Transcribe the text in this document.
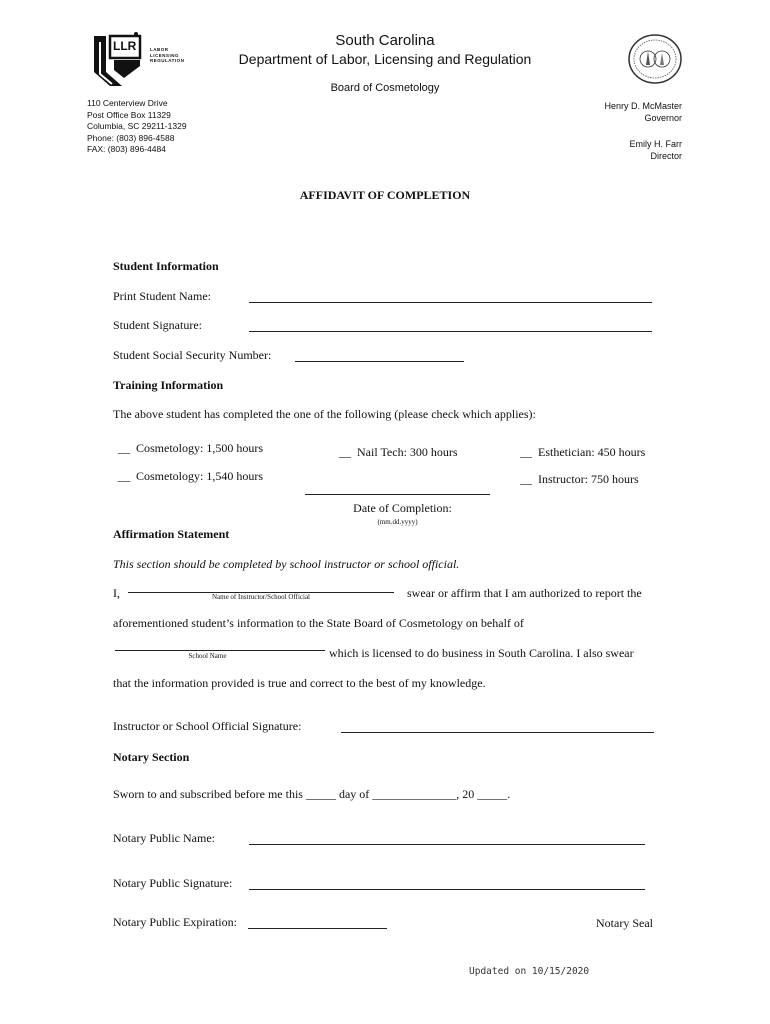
LLR	LABOR
LICENSING
REGULATION
South Carolina
Department of Labor, Licensing and Regulation
Board of Cosmetology
110 Centerview Drive
Post Office Box 11329
Columbia, SC 29211-1329
Phone: (803) 896-4588
FAX: (803) 896-4484
Henry D. McMaster
Governor
Emily H. Farr
Director
AFFIDAVIT OF COMPLETION
Student Information
Print Student Name:
Student Signature:
Student Social Security Number:
Training Information
The above student has completed the one of the following (please check which applies):
__ Cosmetology: 1,500 hours
__ Cosmetology: 1,540 hours
__ Nail Tech: 300 hours	__ Esthetician: 450 hours
__ Instructor: 750 hours
Date of Completion:
(mm.dd.yyyy)
Affirmation Statement
This section should be completed by school instructor or school official.
I,	Name of Instructor/School Official	swear or affirm that I am authorized to report the
aforementioned student’s information to the State Board of Cosmetology on behalf of
School Name	which is licensed to do business in South Carolina. I also swear
that the information provided is true and correct to the best of my knowledge.
Instructor or School Official Signature:
Notary Section
Sworn to and subscribed before me this _____ day of ______________, 20 _____.
Notary Public Name:
Notary Public Signature:
Notary Public Expiration:	Notary Seal
Updated on 10/15/2020
